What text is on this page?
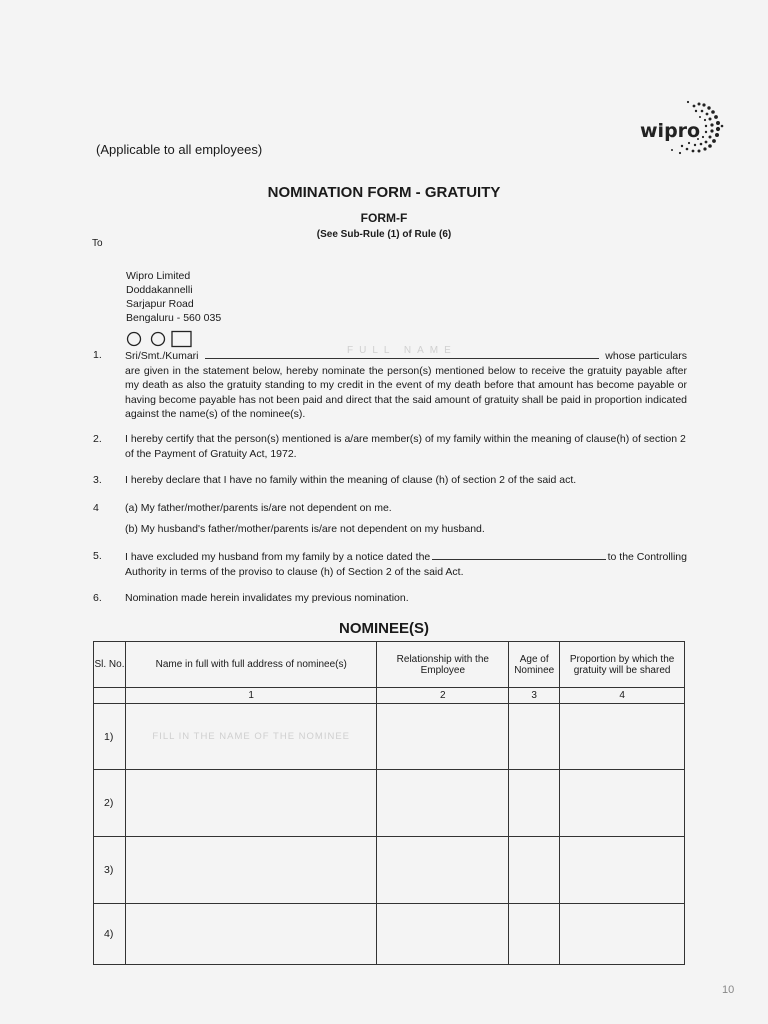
(Applicable to all employees)
wipro
NOMINATION FORM - GRATUITY
FORM-F
(See Sub-Rule (1) of Rule (6)
To
Wipro Limited
Doddakannelli
Sarjapur Road
Bengaluru - 560 035
1. Sri/Smt./Kumari	FULL NAME	whose particulars
are given in the statement below, hereby nominate the person(s) mentioned below to receive the gratuity payable after my death as also the gratuity standing to my credit in the event of my death before that amount has become payable or having become payable has not been paid and direct that the said amount of gratuity shall be paid in proportion indicated against the name(s) of the nominee(s).
2. I hereby certify that the person(s) mentioned is a/are member(s) of my family within the meaning of clause(h) of section 2 of the Payment of Gratuity Act, 1972.
3. I hereby declare that I have no family within the meaning of clause (h) of section 2 of the said act.
4 (a) My father/mother/parents is/are not dependent on me.
(b) My husband's father/mother/parents is/are not dependent on my husband.
5. I have excluded my husband from my family by a notice dated the	to the Controlling
Authority in terms of the proviso to clause (h) of Section 2 of the said Act.
6. Nomination made herein invalidates my previous nomination.
NOMINEE(S)
Sl. No.	Name in full with full address of nominee(s)	Relationship with the Employee	Age of Nominee	Proportion by which the gratuity will be shared
	1	2	3	4
1)	FILL IN THE NAME OF THE NOMINEE			
2)				
3)				
4)				
10
